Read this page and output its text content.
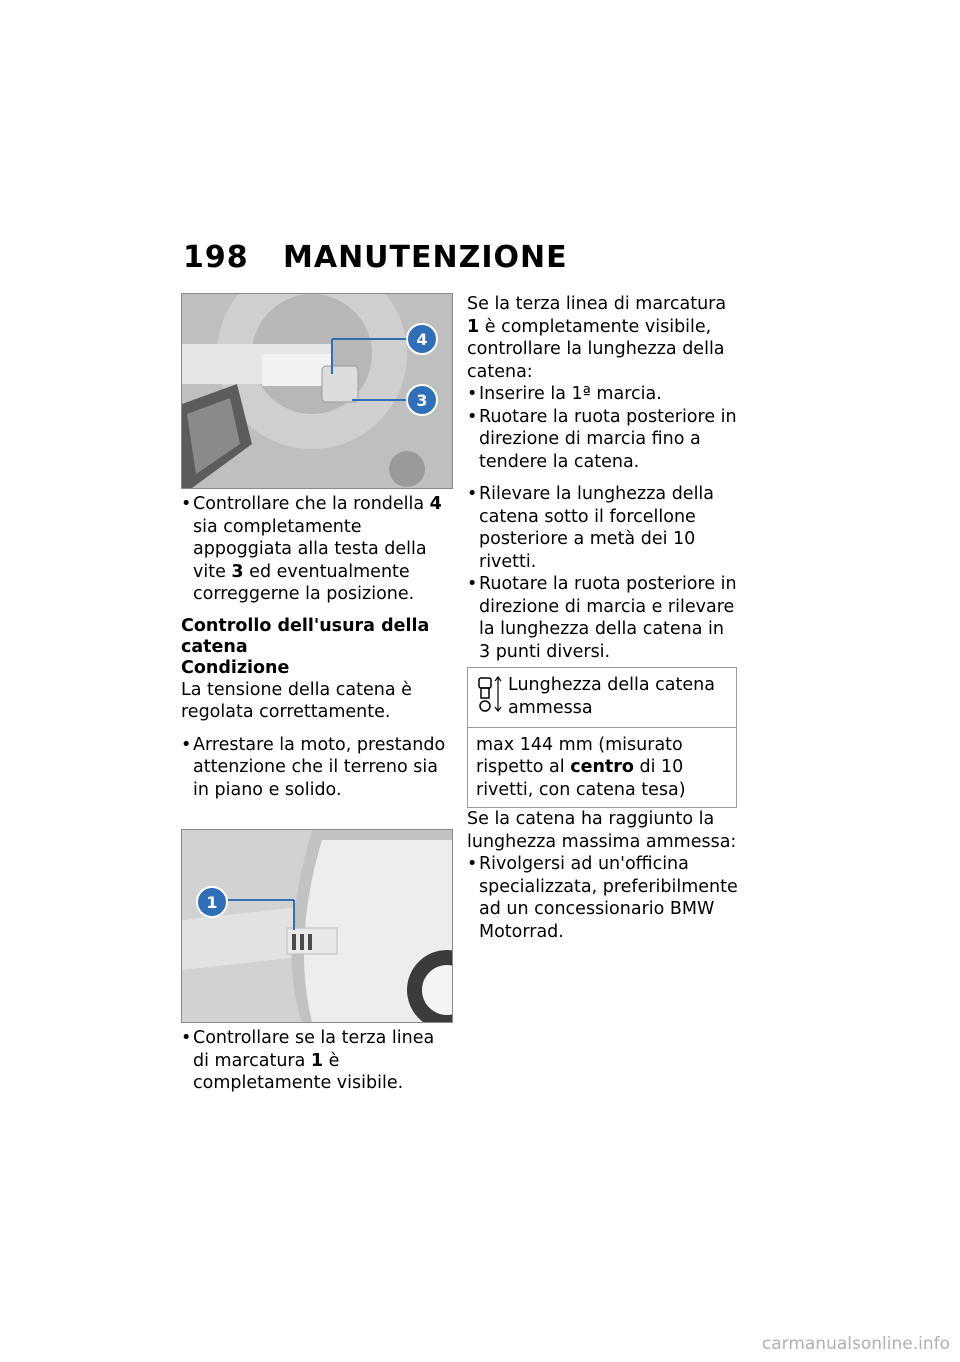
198 MANUTENZIONE
4
3
• Controllare che la rondella 4 sia completamente appoggiata alla testa della vite 3 ed eventualmente correggerne la posizione.
Controllo dell'usura della catena
Condizione
La tensione della catena è regolata correttamente.
• Arrestare la moto, prestando attenzione che il terreno sia in piano e solido.
1
• Controllare se la terza linea di marcatura 1 è completamente visibile.
Se la terza linea di marcatura 1 è completamente visibile, controllare la lunghezza della catena:
• Inserire la 1ª marcia.
• Ruotare la ruota posteriore in direzione di marcia fino a tendere la catena.
• Rilevare la lunghezza della catena sotto il forcellone posteriore a metà dei 10 rivetti.
• Ruotare la ruota posteriore in direzione di marcia e rilevare la lunghezza della catena in 3 punti diversi.
Lunghezza della catena ammessa
max 144 mm (misurato rispetto al centro di 10 rivetti, con catena tesa)
Se la catena ha raggiunto la lunghezza massima ammessa:
• Rivolgersi ad un'officina specializzata, preferibilmente ad un concessionario BMW Motorrad.
carmanualsonline.info
